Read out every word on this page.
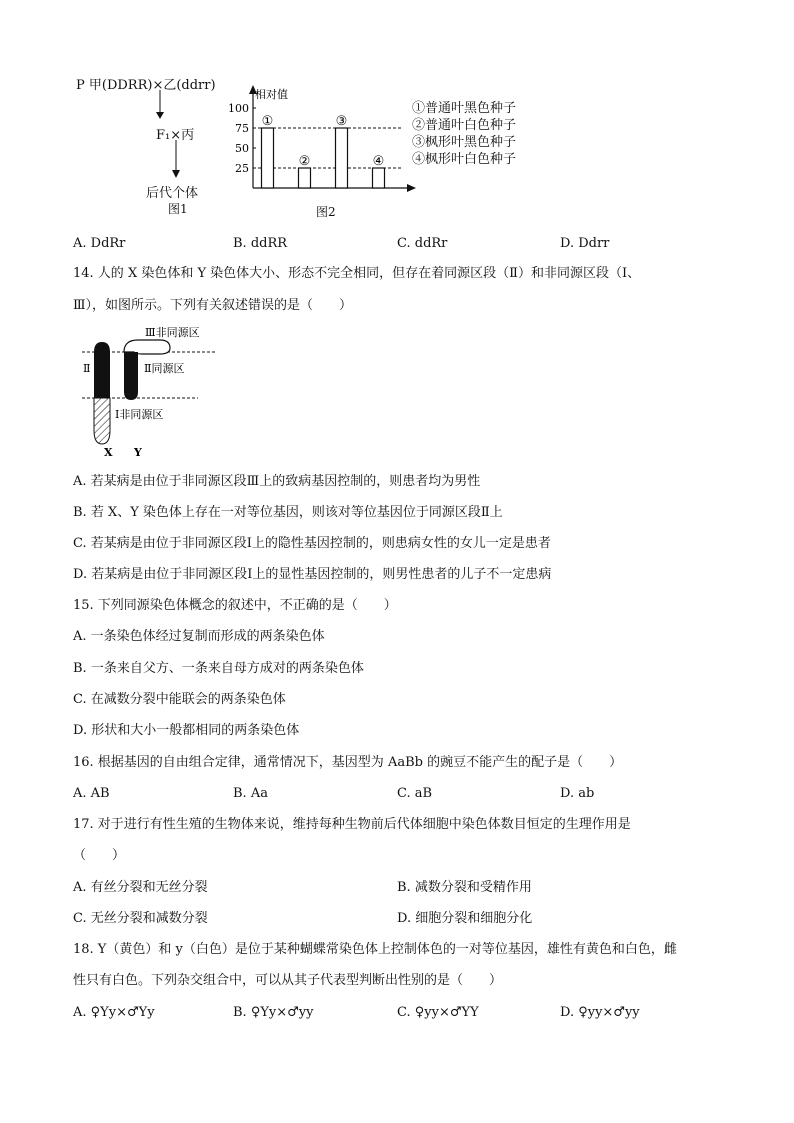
P 甲(DDRR)×乙(ddrr)
F₁×丙
后代个体
图1
相对值
25
50
75
100
①
②
③
④
图2
①普通叶黑色种子
②普通叶白色种子
③枫形叶黑色种子
④枫形叶白色种子
A. DdRr	B. ddRR	C. ddRr	D. Ddrr
14. 人的 X 染色体和 Y 染色体大小、形态不完全相同，但存在着同源区段（Ⅱ）和非同源区段（Ⅰ、
Ⅲ），如图所示。下列有关叙述错误的是（　　）
Ⅲ非同源区
Ⅱ	Ⅱ同源区
Ⅰ非同源区
X Y
A. 若某病是由位于非同源区段Ⅲ上的致病基因控制的，则患者均为男性
B. 若 X、Y 染色体上存在一对等位基因，则该对等位基因位于同源区段Ⅱ上
C. 若某病是由位于非同源区段Ⅰ上的隐性基因控制的，则患病女性的女儿一定是患者
D. 若某病是由位于非同源区段Ⅰ上的显性基因控制的，则男性患者的儿子不一定患病
15. 下列同源染色体概念的叙述中，不正确的是（　　）
A. 一条染色体经过复制而形成的两条染色体
B. 一条来自父方、一条来自母方成对的两条染色体
C. 在减数分裂中能联会的两条染色体
D. 形状和大小一般都相同的两条染色体
16. 根据基因的自由组合定律，通常情况下，基因型为 AaBb 的豌豆不能产生的配子是（　　）
A. AB	B. Aa	C. aB	D. ab
17. 对于进行有性生殖的生物体来说，维持每种生物前后代体细胞中染色体数目恒定的生理作用是
（　　）
A. 有丝分裂和无丝分裂	B. 减数分裂和受精作用
C. 无丝分裂和减数分裂	D. 细胞分裂和细胞分化
18. Y（黄色）和 y（白色）是位于某种蝴蝶常染色体上控制体色的一对等位基因，雄性有黄色和白色，雌
性只有白色。下列杂交组合中，可以从其子代表型判断出性别的是（　　）
A. ♀Yy×♂Yy	B. ♀Yy×♂yy	C. ♀yy×♂YY	D. ♀yy×♂yy
